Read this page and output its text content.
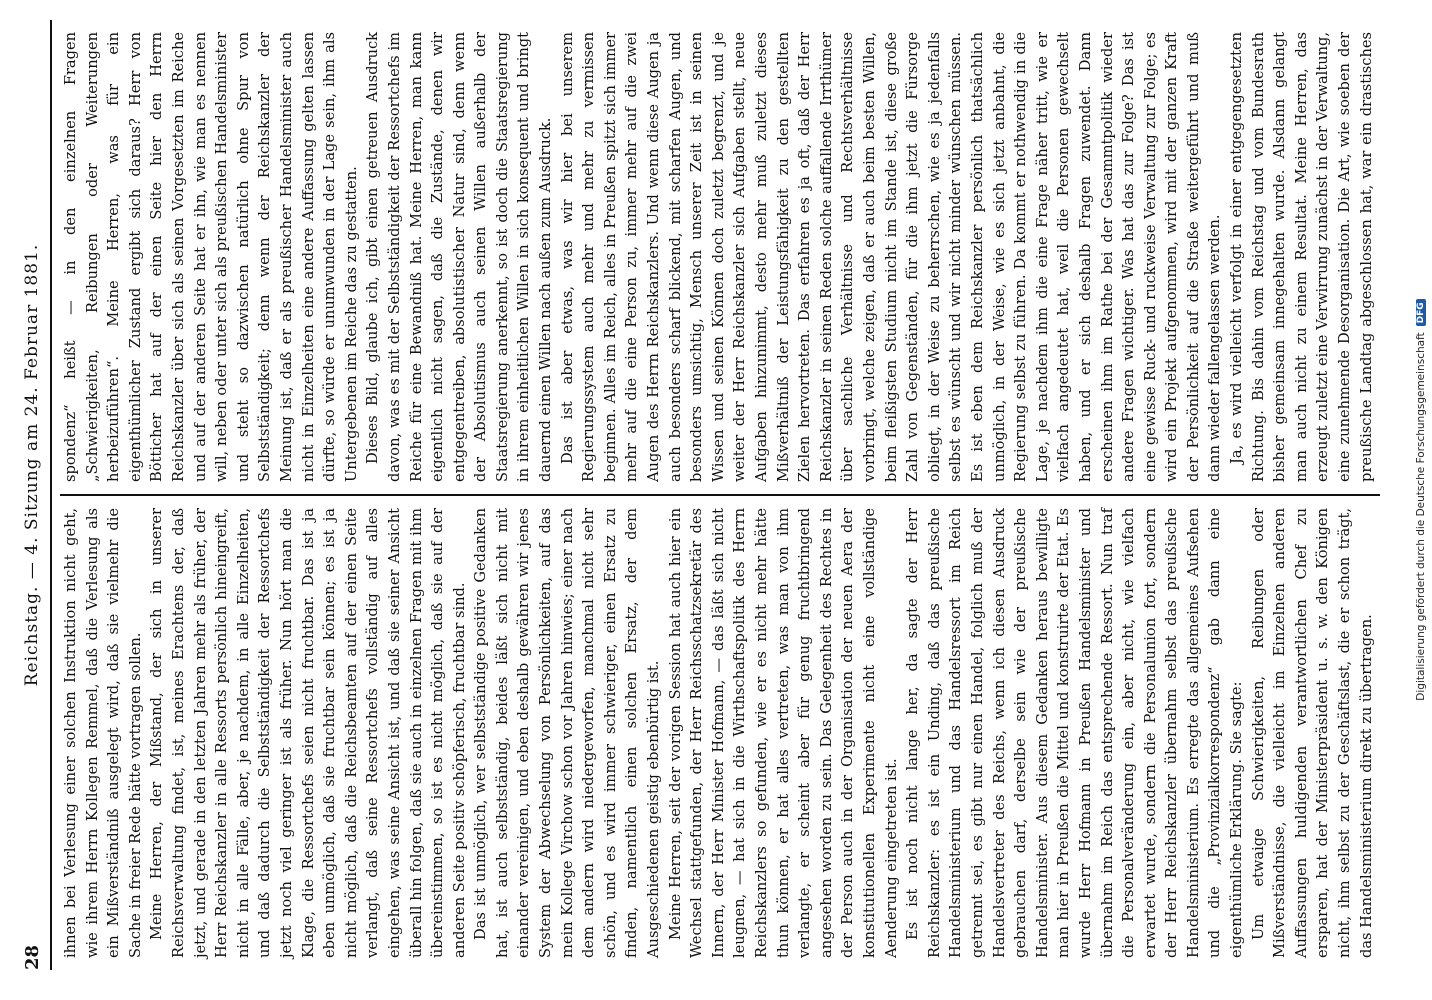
28
Reichstag. — 4. Sitzung am 24. Februar 1881.

ihnen bei Verlesung einer solchen Instruktion nicht geht, wie ihrem Herrn Kollegen Remmel, daß die Verlesung als ein Mißverständniß ausgelegt wird, daß sie vielmehr die Sache in freier Rede hätte vortragen sollen. Meine Herren, der Mißstand, der sich in unserer Reichsverwaltung findet, ist, meines Erachtens der, daß jetzt, und gerade in den letzten Jahren mehr als früher, der Herr Reichskanzler in alle Ressorts persönlich hineingreift, nicht in alle Fälle, aber, je nachdem, in alle Einzelheiten, und daß dadurch die Selbstständigkeit der Ressortchefs jetzt noch viel geringer ist als früher. Nun hört man die Klage, die Ressortchefs seien nicht fruchtbar. Das ist ja eben unmöglich, daß sie fruchtbar sein können; es ist ja nicht möglich, daß die Reichsbeamten auf der einen Seite verlangt, daß seine Ressortchefs vollständig auf alles eingehen, was seine Ansicht ist, und daß sie seiner Ansicht überall hin folgen, daß sie auch in einzelnen Fragen mit ihm übereinstimmen, so ist es nicht möglich, daß sie auf der anderen Seite positiv schöpferisch, fruchtbar sind. Das ist unmöglich, wer selbstständige positive Gedanken hat, ist auch selbstständig, beides läßt sich nicht mit einander vereinigen, und eben deshalb gewähren wir jenes System der Abwechselung von Persönlichkeiten, auf das mein Kollege Virchow schon vor Jahren hinwies; einer nach dem andern wird niedergeworfen, manchmal nicht sehr schön, und es wird immer schwieriger, einen Ersatz zu finden, namentlich einen solchen Ersatz, der dem Ausgeschiedenen geistig ebenbürtig ist. Meine Herren, seit der vorigen Session hat auch hier ein Wechsel stattgefunden, der Herr Reichsschatzsekretär des Innern, der Herr Minister Hofmann, — das läßt sich nicht leugnen, — hat sich in die Wirthschaftspolitik des Herrn Reichskanzlers so gefunden, wie er es nicht mehr hätte thun können, er hat alles vertreten, was man von ihm verlangte, er scheint aber für genug fruchtbringend angesehen worden zu sein. Das Gelegenheit des Rechtes in der Person auch in der Organisation der neuen Aera der konstitutionellen Experimente nicht eine vollständige Aenderung eingetreten ist. Es ist noch nicht lange her, da sagte der Herr Reichskanzler: es ist ein Unding, daß das preußische Handelsministerium und das Handelsressort im Reich getrennt sei, es gibt nur einen Handel, folglich muß der Handelsvertreter des Reichs, wenn ich diesen Ausdruck gebrauchen darf, derselbe sein wie der preußische Handelsminister. Aus diesem Gedanken heraus bewilligte man hier in Preußen die Mittel und konstruirte der Etat. Es wurde Herr Hofmann in Preußen Handelsminister und übernahm im Reich das entsprechende Ressort. Nun traf die Personalveränderung ein, aber nicht, wie vielfach erwartet wurde, sondern die Personalunion fort, sondern der Herr Reichskanzler übernahm selbst das preußische Handelsministerium. Es erregte das allgemeines Aufsehen und die „Provinzialkorrespondenz“ gab dann eine eigenthümliche Erklärung. Sie sagte: Um etwaige Schwierigkeiten, Reibungen oder Mißverständnisse, die vielleicht im Einzelnen anderen Auffassungen huldigenden verantwortlichen Chef zu ersparen, hat der Ministerpräsident u. s. w. den Königen nicht, ihm selbst zu der Geschäftslast, die er schon trägt, das Handelsministerium direkt zu übertragen.

spondenz“ heißt — in den einzelnen Fragen „Schwierigkeiten, Reibungen oder Weiterungen herbeizuführen“. Meine Herren, was für ein eigenthümlicher Zustand ergibt sich daraus? Herr von Bötticher hat auf der einen Seite hier den Herrn Reichskanzler über sich als seinen Vorgesetzten im Reiche und auf der anderen Seite hat er ihn, wie man es nennen will, neben oder unter sich als preußischen Handelsminister und steht so dazwischen natürlich ohne Spur von Selbstständigkeit; denn wenn der Reichskanzler der Meinung ist, daß er als preußischer Handelsminister auch nicht in Einzelheiten eine andere Auffassung gelten lassen dürfte, so würde er unumwunden in der Lage sein, ihm als Untergebenen im Reiche das zu gestatten. Dieses Bild, glaube ich, gibt einen getreuen Ausdruck davon, was es mit der Selbstständigkeit der Ressortchefs im Reiche für eine Bewandniß hat. Meine Herren, man kann eigentlich nicht sagen, daß die Zustände, denen wir entgegentreiben, absolutistischer Natur sind, denn wenn der Absolutismus auch seinen Willen außerhalb der Staatsregierung anerkennt, so ist doch die Staatsregierung in ihrem einheitlichen Willen in sich konsequent und bringt dauernd einen Willen nach außen zum Ausdruck. Das ist aber etwas, was wir hier bei unserem Regierungssystem auch mehr und mehr zu vermissen beginnen. Alles im Reich, alles in Preußen spitzt sich immer mehr auf die eine Person zu, immer mehr auf die zwei Augen des Herrn Reichskanzlers. Und wenn diese Augen ja auch besonders scharf blickend, mit scharfen Augen, und besonders umsichtig, Mensch unserer Zeit ist in seinen Wissen und seinen Können doch zuletzt begrenzt, und je weiter der Herr Reichskanzler sich Aufgaben stellt, neue Aufgaben hinzunimmt, desto mehr muß zuletzt dieses Mißverhältniß der Leistungsfähigkeit zu den gestellten Zielen hervortreten. Das erfahren es ja oft, daß der Herr Reichskanzler in seinen Reden solche auffallende Irrthümer über sachliche Verhältnisse und Rechtsverhältnisse vorbringt, welche zeigen, daß er auch beim besten Willen, beim fleißigsten Studium nicht im Stande ist, diese große Zahl von Gegenständen, für die ihm jetzt die Fürsorge obliegt, in der Weise zu beherrschen, wie es ja jedenfalls selbst es wünscht und wir nicht minder wünschen müssen. Es ist eben dem Reichskanzler persönlich thatsächlich unmöglich, in der Weise, wie es sich jetzt anbahnt, die Regierung selbst zu führen. Da kommt er nothwendig in die Lage, je nachdem ihm die eine Frage näher tritt, wie er vielfach angedeutet hat, weil die Personen gewechselt haben, und er sich deshalb Fragen zuwendet. Dann erscheinen ihm im Rathe bei der Gesammtpolitik wieder andere Fragen wichtiger. Was hat das zur Folge? Das ist eine gewisse Ruck- und ruckweise Verwaltung zur Folge; es wird ein Projekt aufgenommen, wird mit der ganzen Kraft der Persönlichkeit auf die Straße weitergeführt und muß dann wieder fallengelassen werden. Ja, es wird vielleicht verfolgt in einer entgegengesetzten Richtung. Bis dahin vom Reichstag und vom Bundesrath bisher gemeinsam innegehalten wurde. Alsdann gelangt man auch nicht zu einem Resultat. Meine Herren, das erzeugt zuletzt eine Verwirrung zunächst in der Verwaltung, eine zunehmende Desorganisation. Die Art, wie soeben der preußische Landtag abgeschlossen hat, war ein drastisches

Digitalisierung gefördert durch die Deutsche Forschungsgemeinschaft
DFG
